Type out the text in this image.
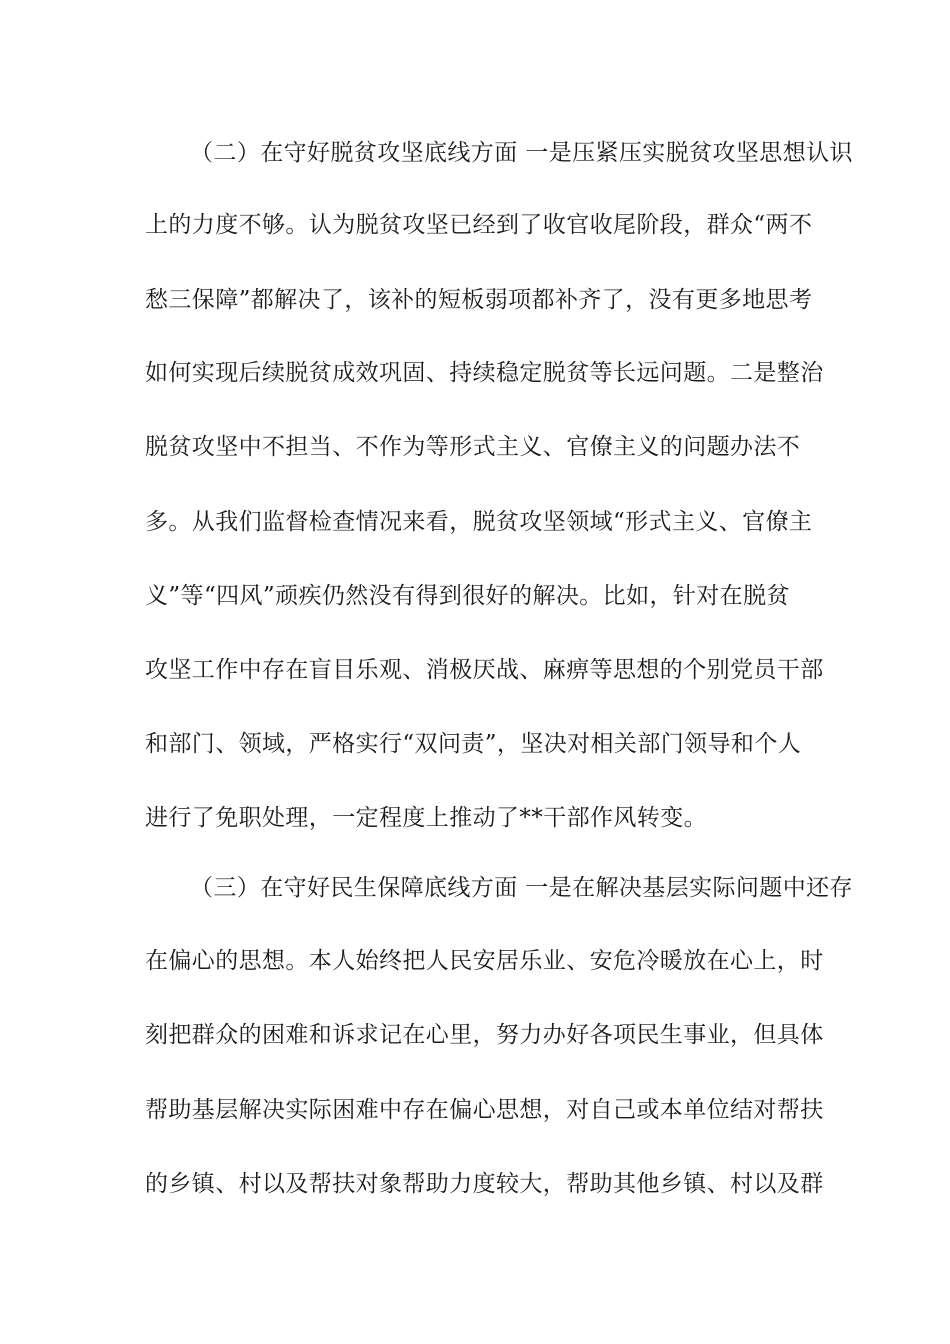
（二）在守好脱贫攻坚底线方面 一是压紧压实脱贫攻坚思想认识
上的力度不够。认为脱贫攻坚已经到了收官收尾阶段，群众“两不
愁三保障”都解决了，该补的短板弱项都补齐了，没有更多地思考
如何实现后续脱贫成效巩固、持续稳定脱贫等长远问题。二是整治
脱贫攻坚中不担当、不作为等形式主义、官僚主义的问题办法不
多。从我们监督检查情况来看，脱贫攻坚领域“形式主义、官僚主
义”等“四风”顽疾仍然没有得到很好的解决。比如，针对在脱贫
攻坚工作中存在盲目乐观、消极厌战、麻痹等思想的个别党员干部
和部门、领域，严格实行“双问责”，坚决对相关部门领导和个人
进行了免职处理，一定程度上推动了**干部作风转变。
（三）在守好民生保障底线方面 一是在解决基层实际问题中还存
在偏心的思想。本人始终把人民安居乐业、安危冷暖放在心上，时
刻把群众的困难和诉求记在心里，努力办好各项民生事业，但具体
帮助基层解决实际困难中存在偏心思想，对自己或本单位结对帮扶
的乡镇、村以及帮扶对象帮助力度较大，帮助其他乡镇、村以及群
